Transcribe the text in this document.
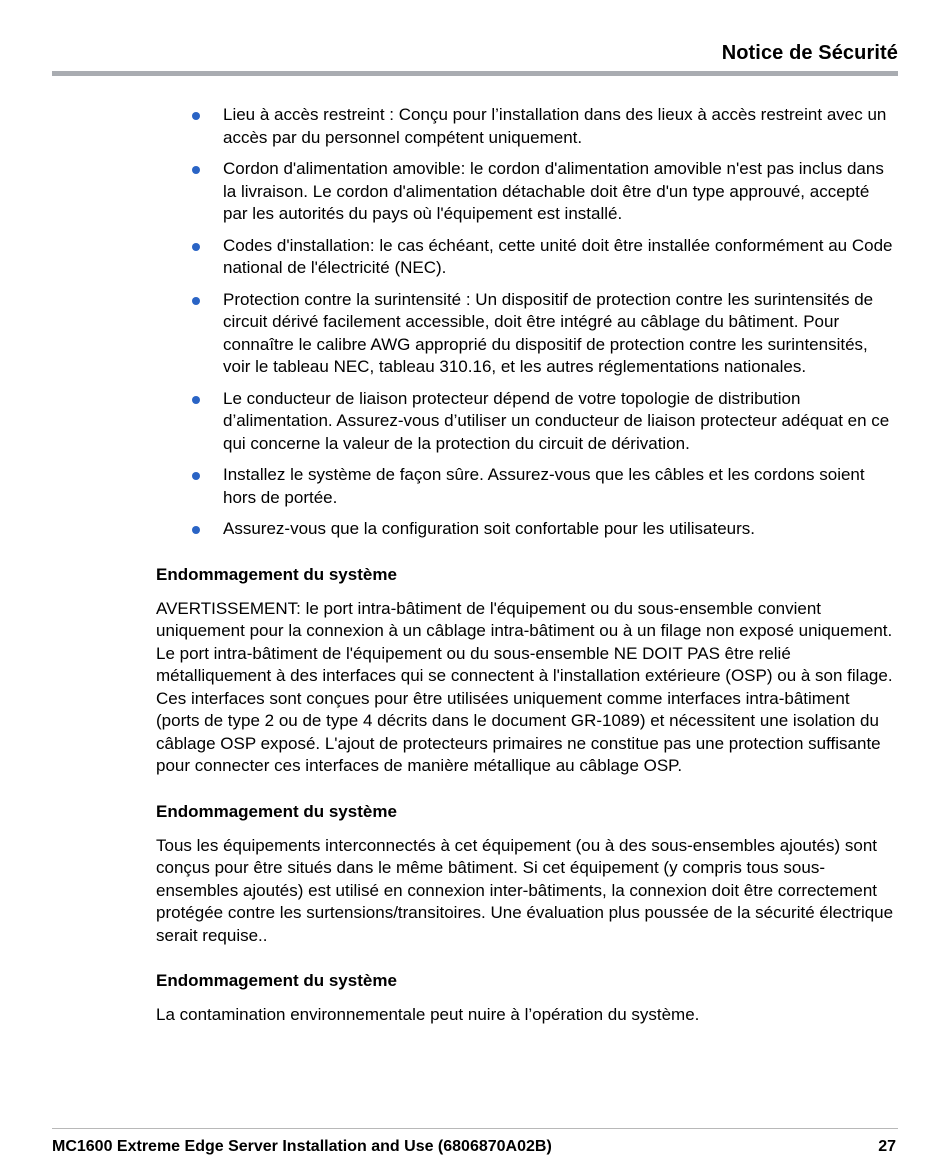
Notice de Sécurité
Lieu à accès restreint : Conçu pour l’installation dans des lieux à accès restreint avec un accès par du personnel compétent uniquement.
Cordon d'alimentation amovible: le cordon d'alimentation amovible n'est pas inclus dans la livraison. Le cordon d'alimentation détachable doit être d'un type approuvé, accepté par les autorités du pays où l'équipement est installé.
Codes d'installation: le cas échéant, cette unité doit être installée conformément au Code national de l'électricité (NEC).
Protection contre la surintensité : Un dispositif de protection contre les surintensités de circuit dérivé facilement accessible, doit être intégré au câblage du bâtiment. Pour connaître le calibre AWG approprié du dispositif de protection contre les surintensités, voir le tableau NEC, tableau 310.16, et les autres réglementations nationales.
Le conducteur de liaison protecteur dépend de votre topologie de distribution d’alimentation. Assurez-vous d’utiliser un conducteur de liaison protecteur adéquat en ce qui concerne la valeur de la protection du circuit de dérivation.
Installez le système de façon sûre. Assurez-vous que les câbles et les cordons soient hors de portée.
Assurez-vous que la configuration soit confortable pour les utilisateurs.
Endommagement du système

AVERTISSEMENT: le port intra-bâtiment de l'équipement ou du sous-ensemble convient uniquement pour la connexion à un câblage intra-bâtiment ou à un filage non exposé uniquement. Le port intra-bâtiment de l'équipement ou du sous-ensemble NE DOIT PAS être relié métalliquement à des interfaces qui se connectent à l'installation extérieure (OSP) ou à son filage. Ces interfaces sont conçues pour être utilisées uniquement comme interfaces intra-bâtiment (ports de type 2 ou de type 4 décrits dans le document GR-1089) et nécessitent une isolation du câblage OSP exposé. L'ajout de protecteurs primaires ne constitue pas une protection suffisante pour connecter ces interfaces de manière métallique au câblage OSP.

Endommagement du système

Tous les équipements interconnectés à cet équipement (ou à des sous-ensembles ajoutés) sont conçus pour être situés dans le même bâtiment. Si cet équipement (y compris tous sous-ensembles ajoutés) est utilisé en connexion inter-bâtiments, la connexion doit être correctement protégée contre les surtensions/transitoires. Une évaluation plus poussée de la sécurité électrique serait requise..

Endommagement du système

La contamination environnementale peut nuire à l’opération du système.

MC1600 Extreme Edge Server Installation and Use (6806870A02B)	27
